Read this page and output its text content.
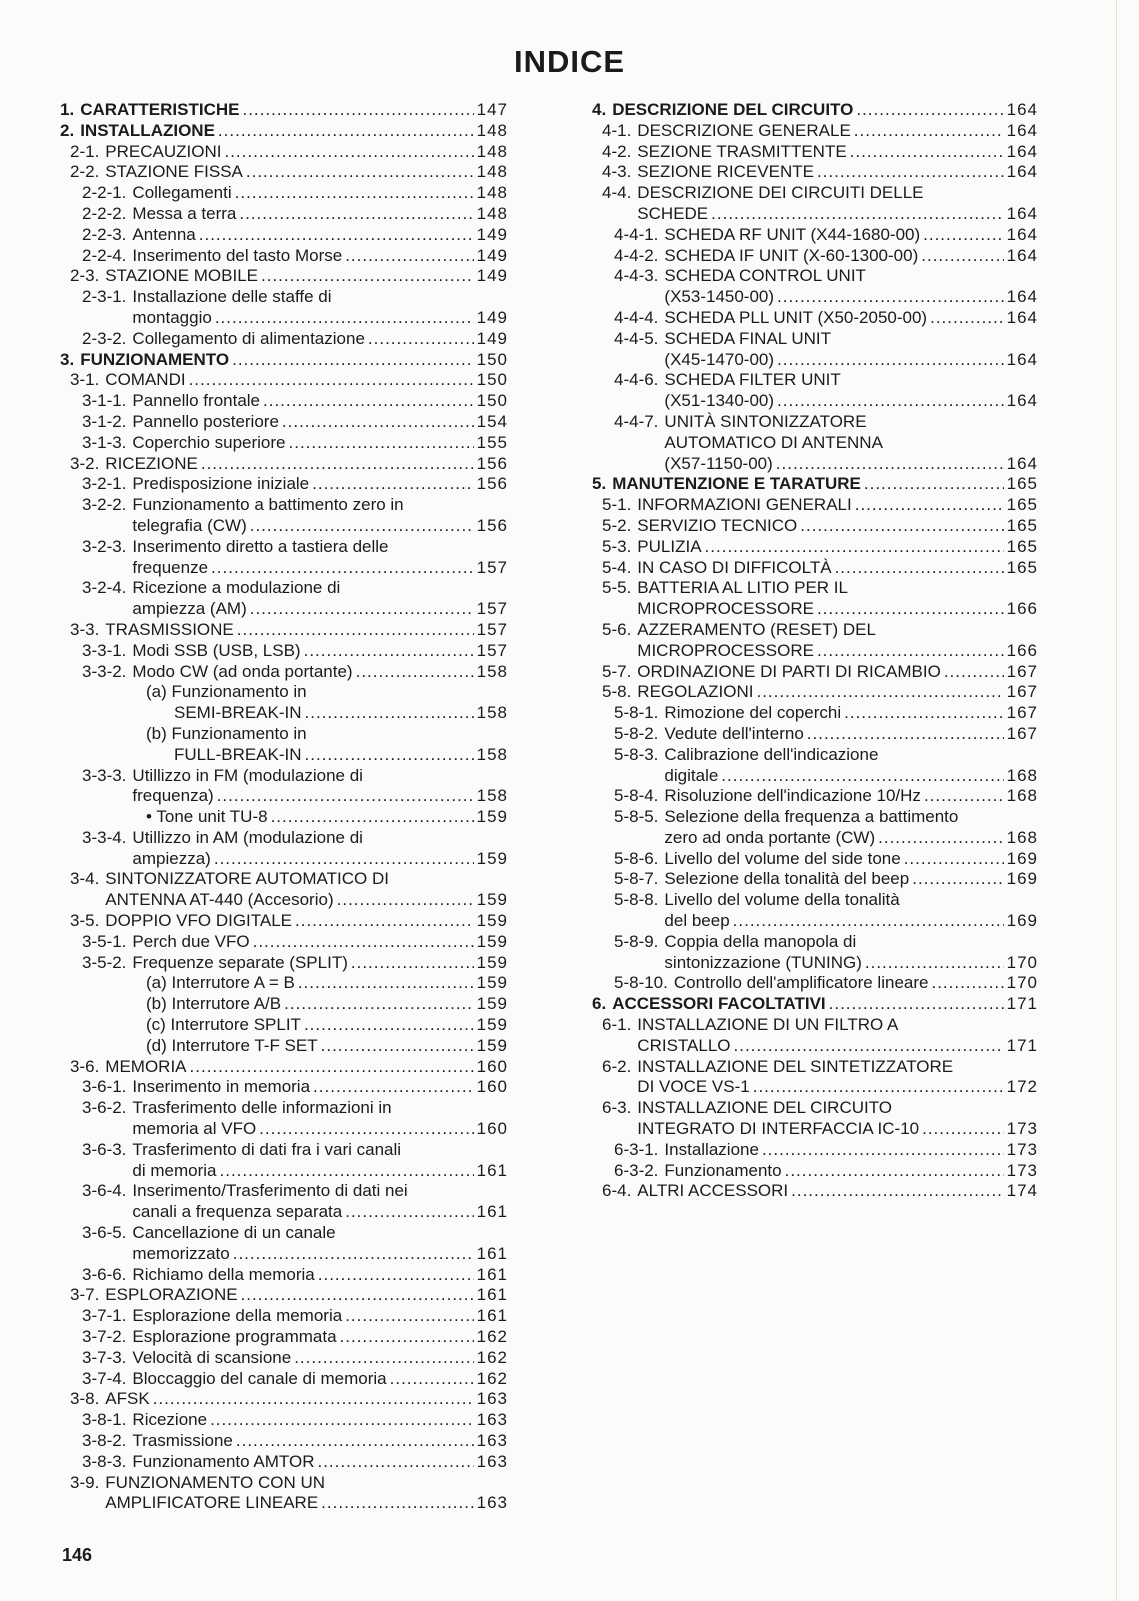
INDICE
1. CARATTERISTICHE .....	147
2. INSTALLAZIONE .....	148
2-1. PRECAUZIONI .....	148
2-2. STAZIONE FISSA .....	148
2-2-1. Collegamenti .....	148
2-2-2. Messa a terra .....	148
2-2-3. Antenna .....	149
2-2-4. Inserimento del tasto Morse .....	149
2-3. STAZIONE MOBILE .....	149
2-3-1. Installazione delle staffe di
montaggio .....	149
2-3-2. Collegamento di alimentazione .....	149
3. FUNZIONAMENTO .....	150
3-1. COMANDI .....	150
3-1-1. Pannello frontale .....	150
3-1-2. Pannello posteriore .....	154
3-1-3. Coperchio superiore .....	155
3-2. RICEZIONE .....	156
3-2-1. Predisposizione iniziale .....	156
3-2-2. Funzionamento a battimento zero in
telegrafia (CW) .....	156
3-2-3. Inserimento diretto a tastiera delle
frequenze .....	157
3-2-4. Ricezione a modulazione di
ampiezza (AM) .....	157
3-3. TRASMISSIONE .....	157
3-3-1. Modi SSB (USB, LSB) .....	157
3-3-2. Modo CW (ad onda portante) .....	158
(a) Funzionamento in
SEMI-BREAK-IN .....	158
(b) Funzionamento in
FULL-BREAK-IN .....	158
3-3-3. Utillizzo in FM (modulazione di
frequenza) .....	158
• Tone unit TU-8 .....	159
3-3-4. Utillizzo in AM (modulazione di
ampiezza) .....	159
3-4. SINTONIZZATORE AUTOMATICO DI
ANTENNA AT-440 (Accesorio) .....	159
3-5. DOPPIO VFO DIGITALE .....	159
3-5-1. Perch due VFO .....	159
3-5-2. Frequenze separate (SPLIT) .....	159
(a) Interrutore A = B .....	159
(b) Interrutore A/B .....	159
(c) Interrutore SPLIT .....	159
(d) Interrutore T-F SET .....	159
3-6. MEMORIA .....	160
3-6-1. Inserimento in memoria .....	160
3-6-2. Trasferimento delle informazioni in
memoria al VFO .....	160
3-6-3. Trasferimento di dati fra i vari canali
di memoria .....	161
3-6-4. Inserimento/Trasferimento di dati nei
canali a frequenza separata .....	161
3-6-5. Cancellazione di un canale
memorizzato .....	161
3-6-6. Richiamo della memoria .....	161
3-7. ESPLORAZIONE .....	161
3-7-1. Esplorazione della memoria .....	161
3-7-2. Esplorazione programmata .....	162
3-7-3. Velocità di scansione .....	162
3-7-4. Bloccaggio del canale di memoria .....	162
3-8. AFSK .....	163
3-8-1. Ricezione .....	163
3-8-2. Trasmissione .....	163
3-8-3. Funzionamento AMTOR .....	163
3-9. FUNZIONAMENTO CON UN
AMPLIFICATORE LINEARE .....	163
4. DESCRIZIONE DEL CIRCUITO .....	164
4-1. DESCRIZIONE GENERALE .....	164
4-2. SEZIONE TRASMITTENTE .....	164
4-3. SEZIONE RICEVENTE .....	164
4-4. DESCRIZIONE DEI CIRCUITI DELLE
SCHEDE .....	164
4-4-1. SCHEDA RF UNIT (X44-1680-00) .....	164
4-4-2. SCHEDA IF UNIT (X-60-1300-00) .....	164
4-4-3. SCHEDA CONTROL UNIT
(X53-1450-00) .....	164
4-4-4. SCHEDA PLL UNIT (X50-2050-00) .....	164
4-4-5. SCHEDA FINAL UNIT
(X45-1470-00) .....	164
4-4-6. SCHEDA FILTER UNIT
(X51-1340-00) .....	164
4-4-7. UNITÀ SINTONIZZATORE
AUTOMATICO DI ANTENNA
(X57-1150-00) .....	164
5. MANUTENZIONE E TARATURE .....	165
5-1. INFORMAZIONI GENERALI .....	165
5-2. SERVIZIO TECNICO .....	165
5-3. PULIZIA .....	165
5-4. IN CASO DI DIFFICOLTÀ .....	165
5-5. BATTERIA AL LITIO PER IL
MICROPROCESSORE .....	166
5-6. AZZERAMENTO (RESET) DEL
MICROPROCESSORE .....	166
5-7. ORDINAZIONE DI PARTI DI RICAMBIO .....	167
5-8. REGOLAZIONI .....	167
5-8-1. Rimozione del coperchi .....	167
5-8-2. Vedute dell'interno .....	167
5-8-3. Calibrazione dell'indicazione
digitale .....	168
5-8-4. Risoluzione dell'indicazione 10/Hz .....	168
5-8-5. Selezione della frequenza a battimento
zero ad onda portante (CW) .....	168
5-8-6. Livello del volume del side tone .....	169
5-8-7. Selezione della tonalità del beep .....	169
5-8-8. Livello del volume della tonalità
del beep .....	169
5-8-9. Coppia della manopola di
sintonizzazione (TUNING) .....	170
5-8-10. Controllo dell'amplificatore lineare .....	170
6. ACCESSORI FACOLTATIVI .....	171
6-1. INSTALLAZIONE DI UN FILTRO A
CRISTALLO .....	171
6-2. INSTALLAZIONE DEL SINTETIZZATORE
DI VOCE VS-1 .....	172
6-3. INSTALLAZIONE DEL CIRCUITO
INTEGRATO DI INTERFACCIA IC-10 .....	173
6-3-1. Installazione .....	173
6-3-2. Funzionamento .....	173
6-4. ALTRI ACCESSORI .....	174
146
